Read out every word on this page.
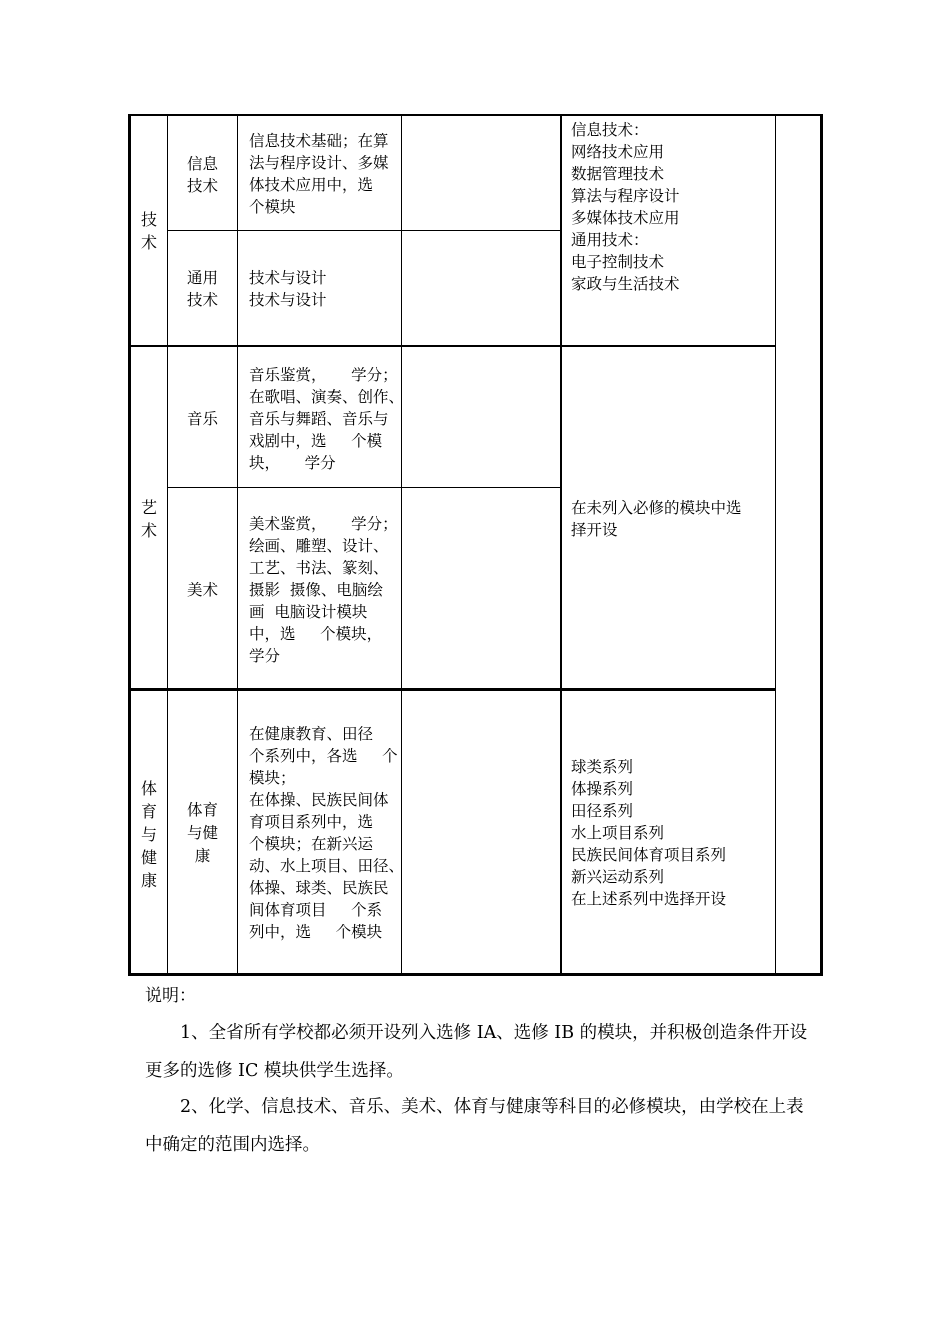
技
术
信息
技术
信息技术基础；在算
法与程序设计、多媒
体技术应用中，选
个模块
通用
技术
技术与设计
技术与设计
信息技术：
网络技术应用
数据管理技术
算法与程序设计
多媒体技术应用
通用技术：
电子控制技术
家政与生活技术
艺
术
音乐
音乐鉴赏，     学分；
在歌唱、演奏、创作、
音乐与舞蹈、音乐与
戏剧中，选     个模
块，     学分
美术
美术鉴赏，     学分；
绘画、雕塑、设计、
工艺、书法、篆刻、
摄影  摄像、电脑绘
画  电脑设计模块
中，选     个模块，
学分
在未列入必修的模块中选
择开设
体
育
与
健
康
体育
与健
康
在健康教育、田径
个系列中，各选     个
模块；
在体操、民族民间体
育项目系列中，选
个模块；在新兴运
动、水上项目、田径、
体操、球类、民族民
间体育项目     个系
列中，选     个模块
球类系列
体操系列
田径系列
水上项目系列
民族民间体育项目系列
新兴运动系列
在上述系列中选择开设
说明：
1、全省所有学校都必须开设列入选修 IA、选修 IB 的模块，并积极创造条件开设更多的选修 IC 模块供学生选择。
2、化学、信息技术、音乐、美术、体育与健康等科目的必修模块，由学校在上表中确定的范围内选择。
